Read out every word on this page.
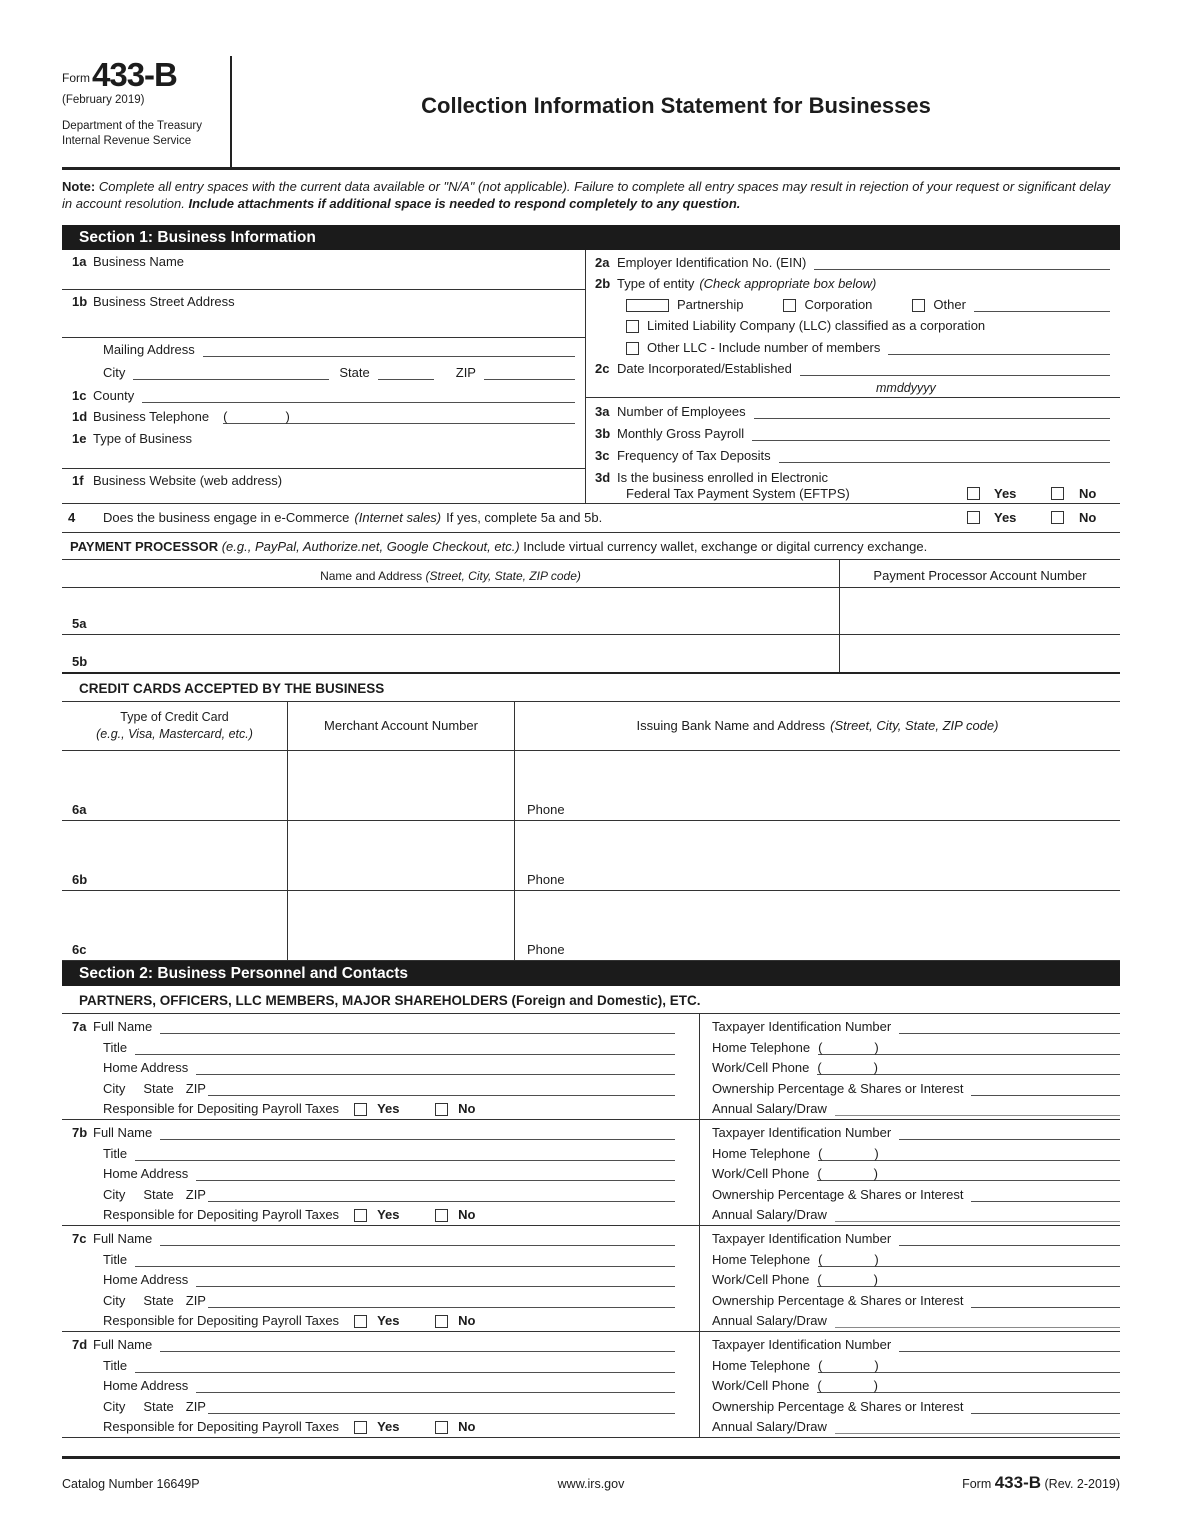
Form 433-B
(February 2019)
Department of the Treasury
Internal Revenue Service
Collection Information Statement for Businesses

Note: Complete all entry spaces with the current data available or "N/A" (not applicable). Failure to complete all entry spaces may result in rejection of your request or significant delay in account resolution. Include attachments if additional space is needed to respond completely to any question.

Section 1: Business Information
1a Business Name
1b Business Street Address
Mailing Address
City	State	ZIP
1c County
1d Business Telephone (	)
1e Type of Business
1f Business Website (web address)
2a Employer Identification No. (EIN)
2b Type of entity (Check appropriate box below)
Partnership	Corporation	Other
Limited Liability Company (LLC) classified as a corporation
Other LLC - Include number of members
2c Date Incorporated/Established
mmddyyyy
3a Number of Employees
3b Monthly Gross Payroll
3c Frequency of Tax Deposits
3d Is the business enrolled in Electronic
Federal Tax Payment System (EFTPS)	Yes	No
4	Does the business engage in e-Commerce (Internet sales) If yes, complete 5a and 5b.	Yes	No
PAYMENT PROCESSOR (e.g., PayPal, Authorize.net, Google Checkout, etc.) Include virtual currency wallet, exchange or digital currency exchange.
Name and Address (Street, City, State, ZIP code)	Payment Processor Account Number
5a
5b
CREDIT CARDS ACCEPTED BY THE BUSINESS
Type of Credit Card
(e.g., Visa, Mastercard, etc.)
Merchant Account Number	Issuing Bank Name and Address (Street, City, State, ZIP code)
6a	Phone
6b	Phone
6c	Phone
Section 2: Business Personnel and Contacts
PARTNERS, OFFICERS, LLC MEMBERS, MAJOR SHAREHOLDERS (Foreign and Domestic), ETC.
7a Full Name
Title
Home Address
City State ZIP
Responsible for Depositing Payroll Taxes	Yes	No
Taxpayer Identification Number
Home Telephone (	)
Work/Cell Phone (	)
Ownership Percentage & Shares or Interest
Annual Salary/Draw
7b Full Name
Title
Home Address
City State ZIP
Responsible for Depositing Payroll Taxes	Yes	No
Taxpayer Identification Number
Home Telephone (	)
Work/Cell Phone (	)
Ownership Percentage & Shares or Interest
Annual Salary/Draw
7c Full Name
Title
Home Address
City State ZIP
Responsible for Depositing Payroll Taxes	Yes	No
Taxpayer Identification Number
Home Telephone (	)
Work/Cell Phone (	)
Ownership Percentage & Shares or Interest
Annual Salary/Draw
7d Full Name
Title
Home Address
City State ZIP
Responsible for Depositing Payroll Taxes	Yes	No
Taxpayer Identification Number
Home Telephone (	)
Work/Cell Phone (	)
Ownership Percentage & Shares or Interest
Annual Salary/Draw
Catalog Number 16649P	www.irs.gov	Form 433-B (Rev. 2-2019)
